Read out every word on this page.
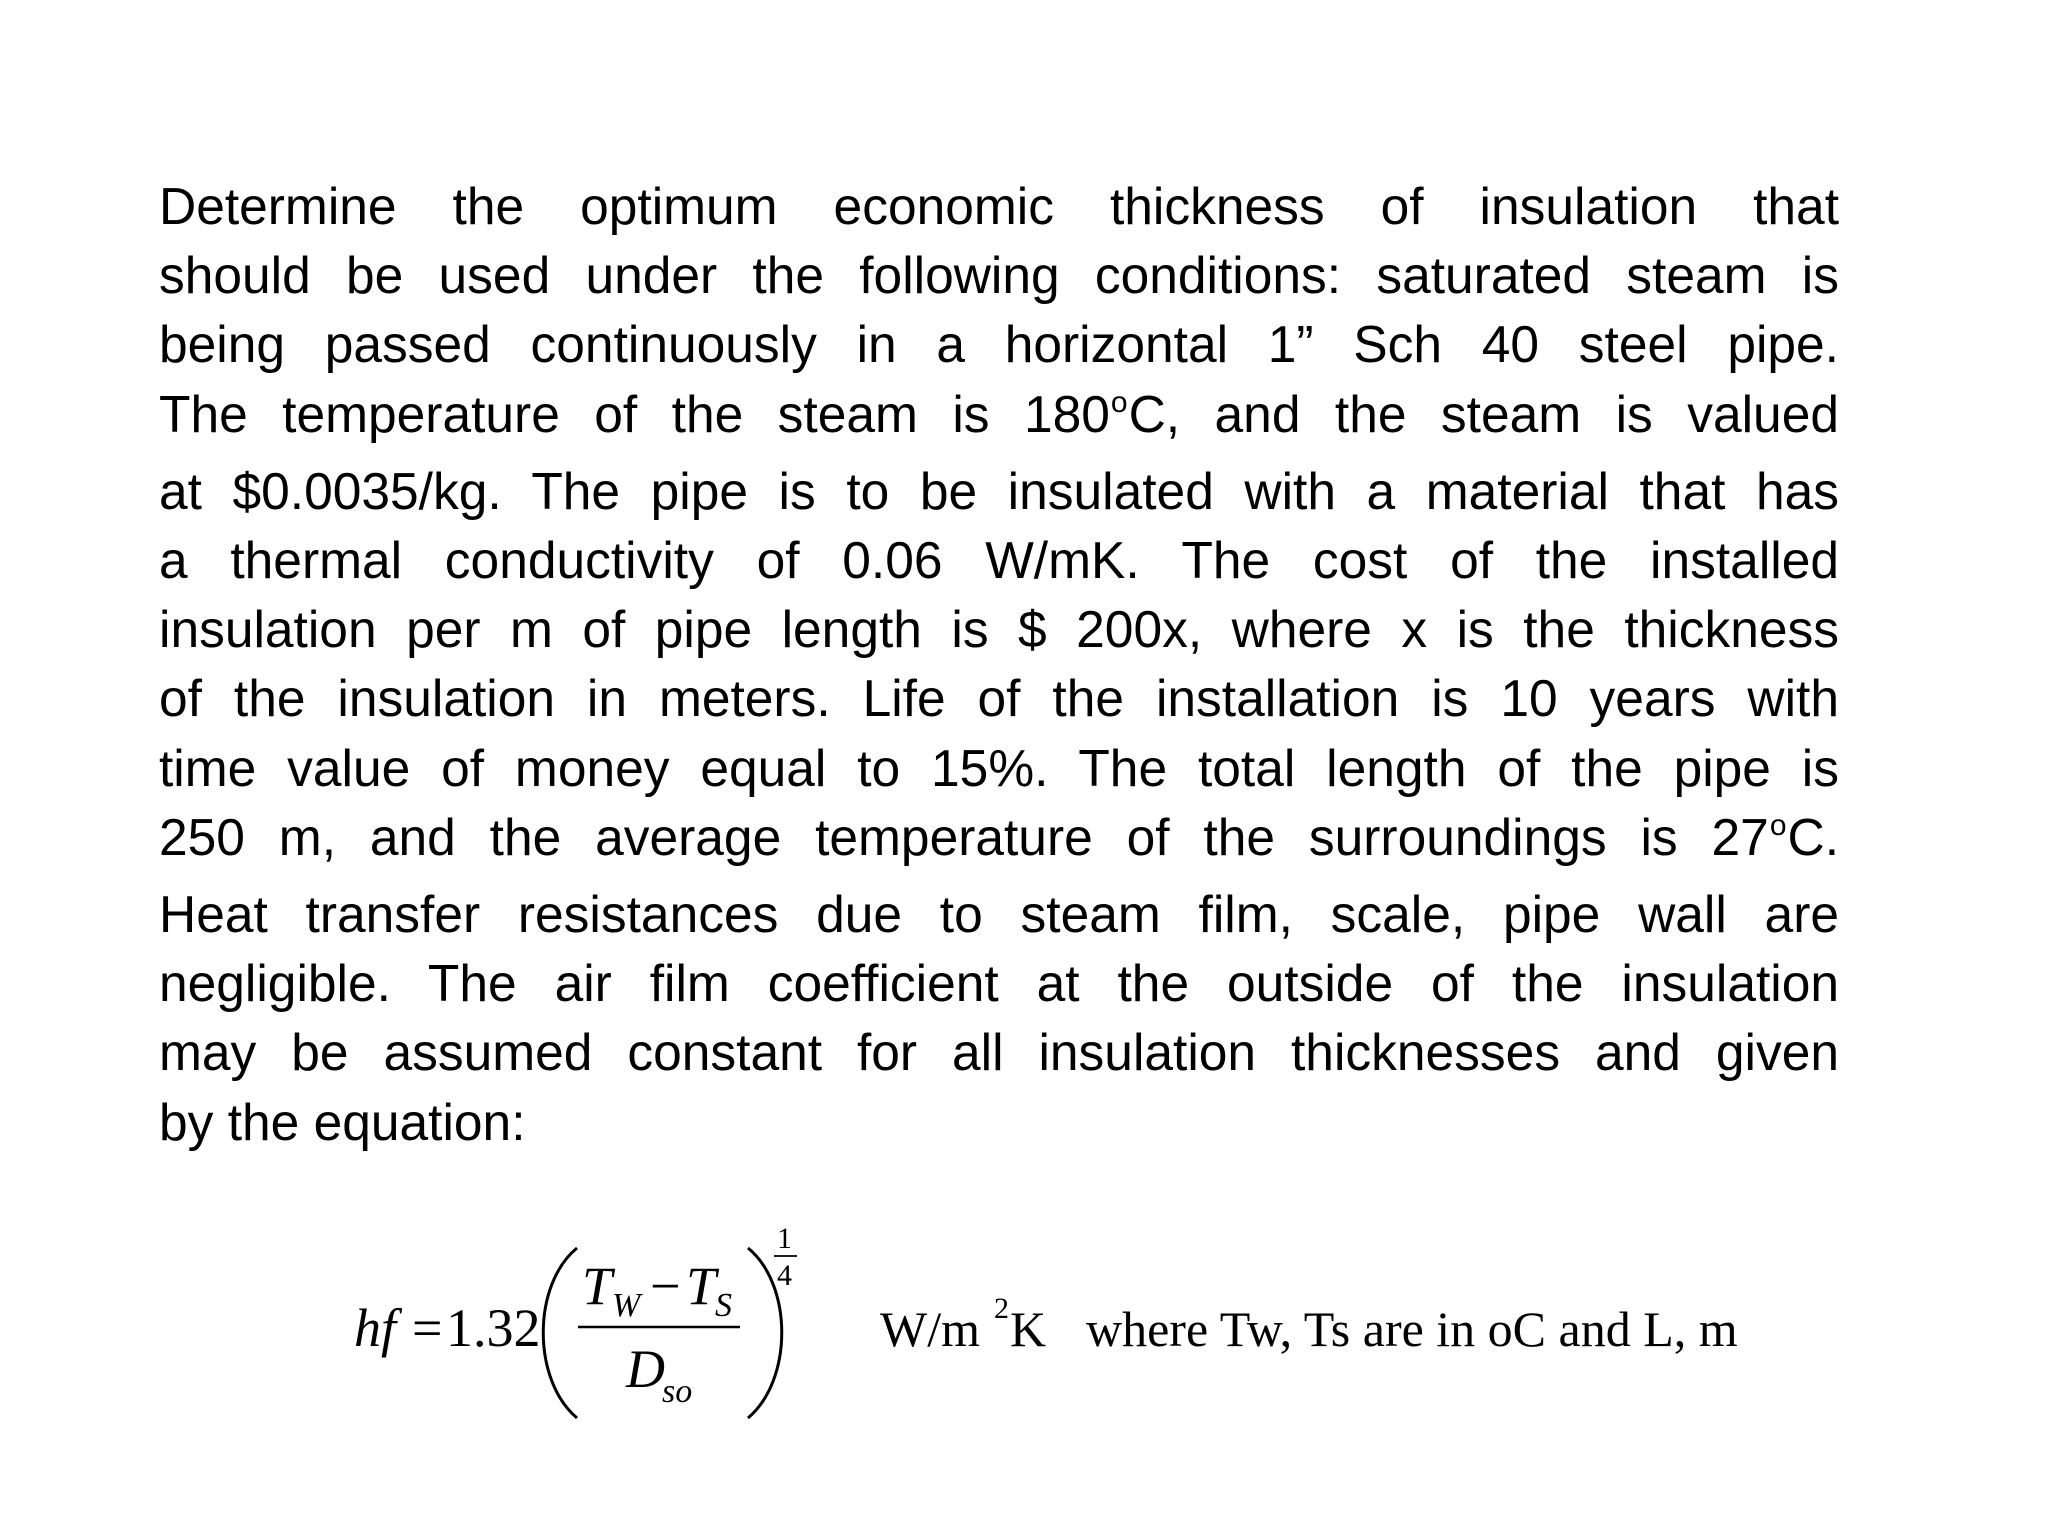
Determine the optimum economic thickness of insulation that
should be used under the following conditions: saturated steam is
being passed continuously in a horizontal 1” Sch 40 steel pipe.
The temperature of the steam is 180$^o$C, and the steam is valued
at $0.0035/kg. The pipe is to be insulated with a material that has
a thermal conductivity of 0.06 W/mK. The cost of the installed
insulation per m of pipe length is $ 200x, where x is the thickness
of the insulation in meters. Life of the installation is 10 years with
time value of money equal to 15%. The total length of the pipe is
250 m, and the average temperature of the surroundings is 27$^o$C.
Heat transfer resistances due to steam film, scale, pipe wall are
negligible. The air film coefficient at the outside of the insulation
may be assumed constant for all insulation thicknesses and given
by the equation:
hf = 1.32
T W − T
S
D
so
1
4
W/m 2 K where Tw, Ts are in oC and L, m
